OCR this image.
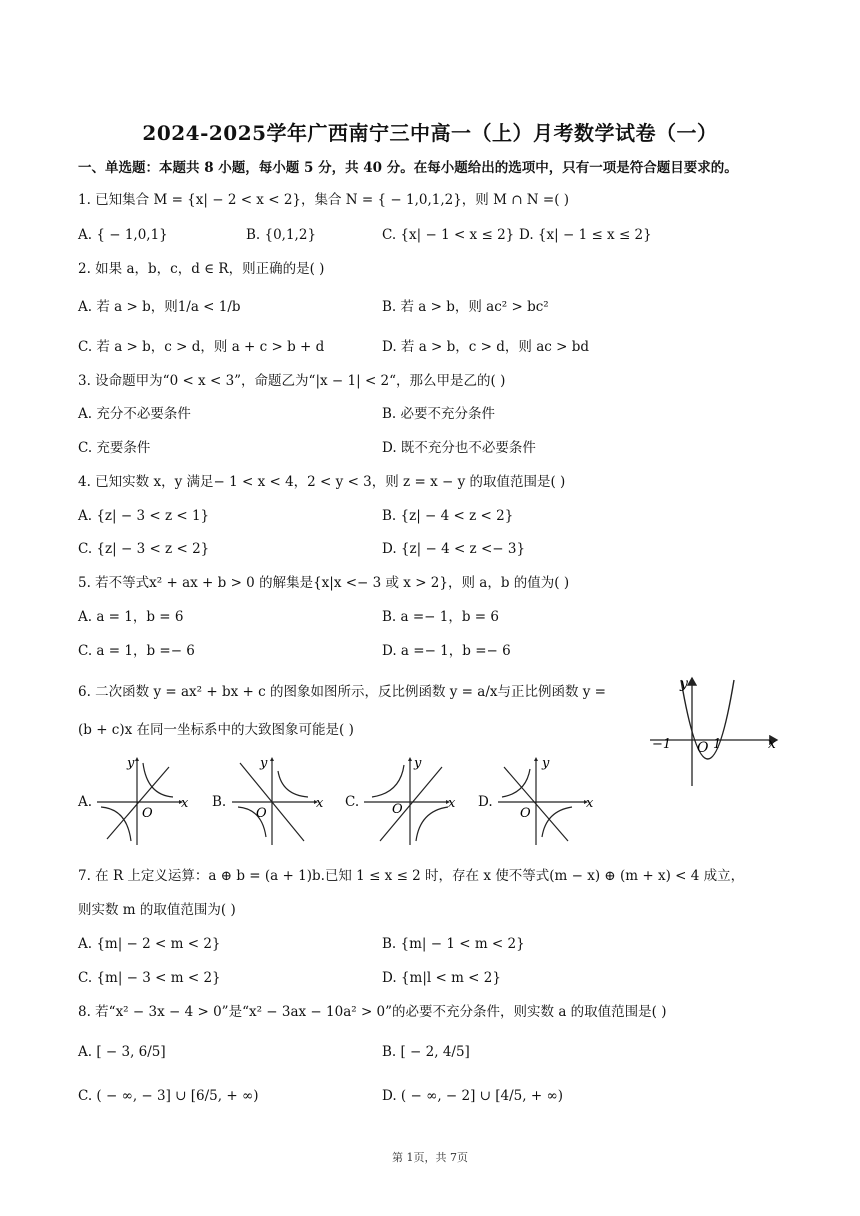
2024-2025学年广西南宁三中高一（上）月考数学试卷（一）
一、单选题：本题共 8 小题，每小题 5 分，共 40 分。在每小题给出的选项中，只有一项是符合题目要求的。
1. 已知集合 M = {x| − 2 < x < 2}，集合 N = { − 1,0,1,2}，则 M ∩ N =( )
A. { − 1,0,1}	B. {0,1,2}	C. {x| − 1 < x ≤ 2} D. {x| − 1 ≤ x ≤ 2}
2. 如果 a，b，c，d ∈ R，则正确的是( )
A. 若 a > b，则1/a < 1/b	B. 若 a > b，则 ac² > bc²
C. 若 a > b，c > d，则 a + c > b + d	D. 若 a > b，c > d，则 ac > bd
3. 设命题甲为“0 < x < 3”，命题乙为“|x − 1| < 2“，那么甲是乙的( )
A. 充分不必要条件	B. 必要不充分条件
C. 充要条件	D. 既不充分也不必要条件
4. 已知实数 x，y 满足− 1 < x < 4，2 < y < 3，则 z = x − y 的取值范围是( )
A. {z| − 3 < z < 1}	B. {z| − 4 < z < 2}
C. {z| − 3 < z < 2}	D. {z| − 4 < z <− 3}
5. 若不等式x² + ax + b > 0 的解集是{x|x <− 3 或 x > 2}，则 a，b 的值为( )
A. a = 1，b = 6	B. a =− 1，b = 6
C. a = 1，b =− 6	D. a =− 1，b =− 6
6. 二次函数 y = ax² + bx + c 的图象如图所示，反比例函数 y = a/x与正比例函数 y =
(b + c)x 在同一坐标系中的大致图象可能是( )
y
x
O
−1	1
A.
y
x
O
B.
y
x
O
C.
y
x
O	D.
y
x
O
7. 在 R 上定义运算：a ⊕ b = (a + 1)b.已知 1 ≤ x ≤ 2 时，存在 x 使不等式(m − x) ⊕ (m + x) < 4 成立，
则实数 m 的取值范围为( )
A. {m| − 2 < m < 2}	B. {m| − 1 < m < 2}
C. {m| − 3 < m < 2}	D. {m|l < m < 2}
8. 若“x² − 3x − 4 > 0”是“x² − 3ax − 10a² > 0”的必要不充分条件，则实数 a 的取值范围是( )
A. [ − 3, 6/5]	B. [ − 2, 4/5]
C. ( − ∞, − 3] ∪ [6/5, + ∞)	D. ( − ∞, − 2] ∪ [4/5, + ∞)
第 1页，共 7页
